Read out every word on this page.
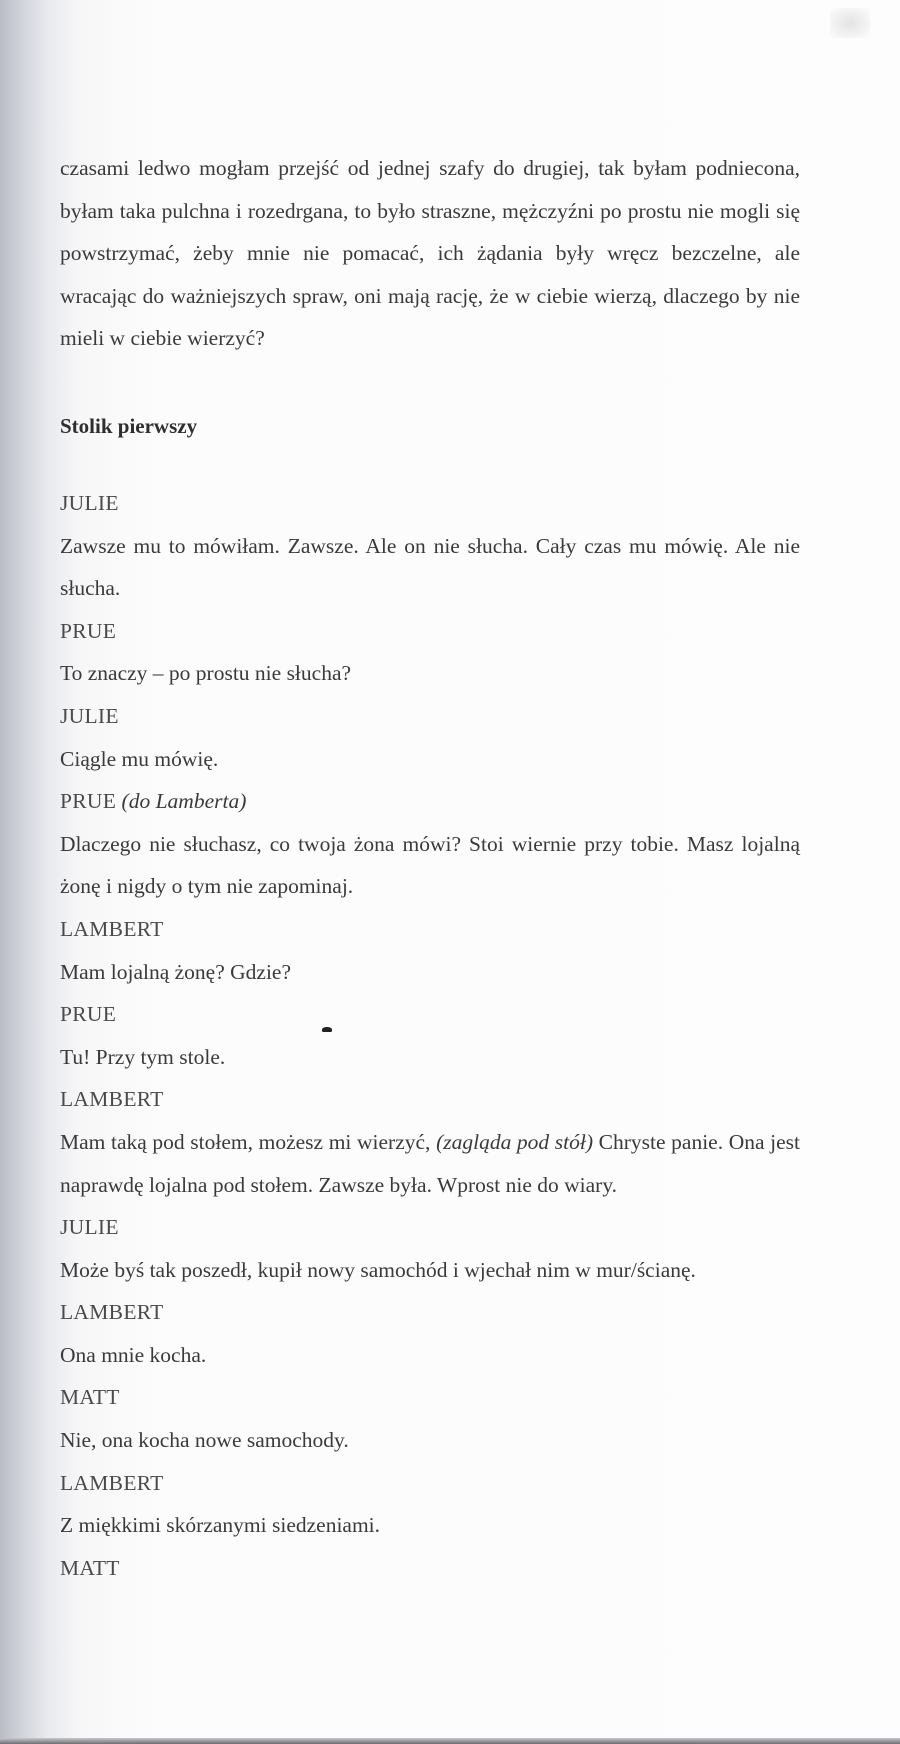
czasami ledwo mogłam przejść od jednej szafy do drugiej, tak byłam podniecona, byłam taka pulchna i rozedrgana, to było straszne, mężczyźni po prostu nie mogli się powstrzymać, żeby mnie nie pomacać, ich żądania były wręcz bezczelne, ale wracając do ważniejszych spraw, oni mają rację, że w ciebie wierzą, dlaczego by nie mieli w ciebie wierzyć?

Stolik pierwszy

JULIE

Zawsze mu to mówiłam. Zawsze. Ale on nie słucha. Cały czas mu mówię. Ale nie słucha.

PRUE

To znaczy – po prostu nie słucha?

JULIE

Ciągle mu mówię.

PRUE (do Lamberta)

Dlaczego nie słuchasz, co twoja żona mówi? Stoi wiernie przy tobie. Masz lojalną żonę i nigdy o tym nie zapominaj.

LAMBERT

Mam lojalną żonę? Gdzie?

PRUE

Tu! Przy tym stole.

LAMBERT

Mam taką pod stołem, możesz mi wierzyć, (zagląda pod stół) Chryste panie. Ona jest naprawdę lojalna pod stołem. Zawsze była. Wprost nie do wiary.

JULIE

Może byś tak poszedł, kupił nowy samochód i wjechał nim w mur/ścianę.

LAMBERT

Ona mnie kocha.

MATT

Nie, ona kocha nowe samochody.

LAMBERT

Z miękkimi skórzanymi siedzeniami.

MATT
